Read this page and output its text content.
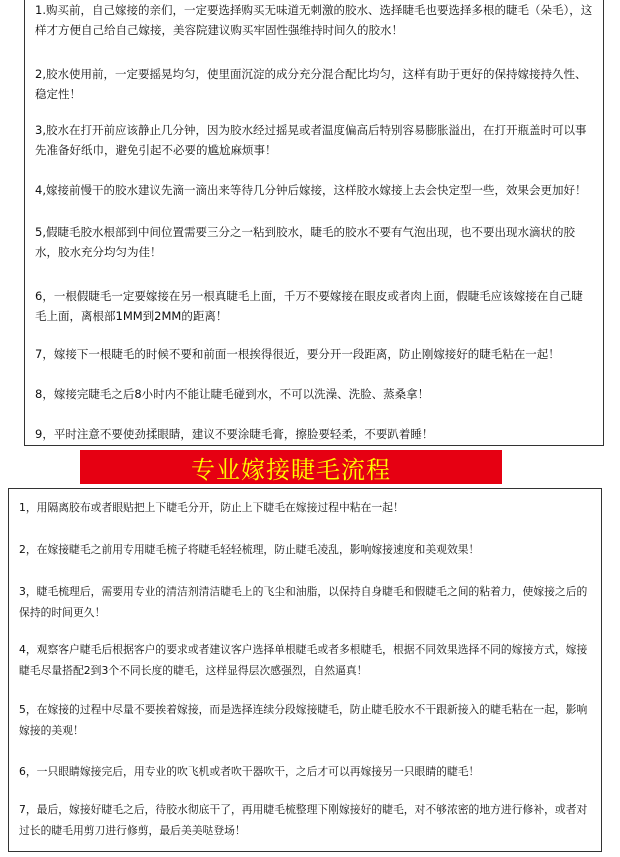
1.购买前，自己嫁接的亲们，一定要选择购买无味道无刺激的胶水、选择睫毛也要选择多根的睫毛（朵毛），这样才方便自己给自己嫁接，美容院建议购买牢固性强维持时间久的胶水！

2,胶水使用前，一定要摇晃均匀，使里面沉淀的成分充分混合配比均匀，这样有助于更好的保持嫁接持久性、稳定性！

3,胶水在打开前应该静止几分钟，因为胶水经过摇晃或者温度偏高后特别容易膨胀溢出，在打开瓶盖时可以事先准备好纸巾，避免引起不必要的尴尬麻烦事！

4,嫁接前慢干的胶水建议先滴一滴出来等待几分钟后嫁接，这样胶水嫁接上去会快定型一些，效果会更加好！

5,假睫毛胶水根部到中间位置需要三分之一粘到胶水，睫毛的胶水不要有气泡出现，也不要出现水滴状的胶水，胶水充分均匀为佳！

6，一根假睫毛一定要嫁接在另一根真睫毛上面，千万不要嫁接在眼皮或者肉上面，假睫毛应该嫁接在自己睫毛上面，离根部1MM到2MM的距离！

7，嫁接下一根睫毛的时候不要和前面一根挨得很近，要分开一段距离，防止刚嫁接好的睫毛粘在一起！

8，嫁接完睫毛之后8小时内不能让睫毛碰到水，不可以洗澡、洗脸、蒸桑拿！

9，平时注意不要使劲揉眼睛，建议不要涂睫毛膏，擦脸要轻柔，不要趴着睡！

专业嫁接睫毛流程

1，用隔离胶布或者眼贴把上下睫毛分开，防止上下睫毛在嫁接过程中粘在一起！

2，在嫁接睫毛之前用专用睫毛梳子将睫毛轻轻梳理，防止睫毛凌乱，影响嫁接速度和美观效果！

3，睫毛梳理后，需要用专业的清洁剂清洁睫毛上的飞尘和油脂，以保持自身睫毛和假睫毛之间的粘着力，使嫁接之后的保持的时间更久！

4，观察客户睫毛后根据客户的要求或者建议客户选择单根睫毛或者多根睫毛，根据不同效果选择不同的嫁接方式，嫁接睫毛尽量搭配2到3个不同长度的睫毛，这样显得层次感强烈，自然逼真！

5，在嫁接的过程中尽量不要挨着嫁接，而是选择连续分段嫁接睫毛，防止睫毛胶水不干跟新接入的睫毛粘在一起，影响嫁接的美观！

6，一只眼睛嫁接完后，用专业的吹飞机或者吹干器吹干，之后才可以再嫁接另一只眼睛的睫毛！

7，最后，嫁接好睫毛之后，待胶水彻底干了，再用睫毛梳整理下刚嫁接好的睫毛，对不够浓密的地方进行修补，或者对过长的睫毛用剪刀进行修剪，最后美美哒登场！
